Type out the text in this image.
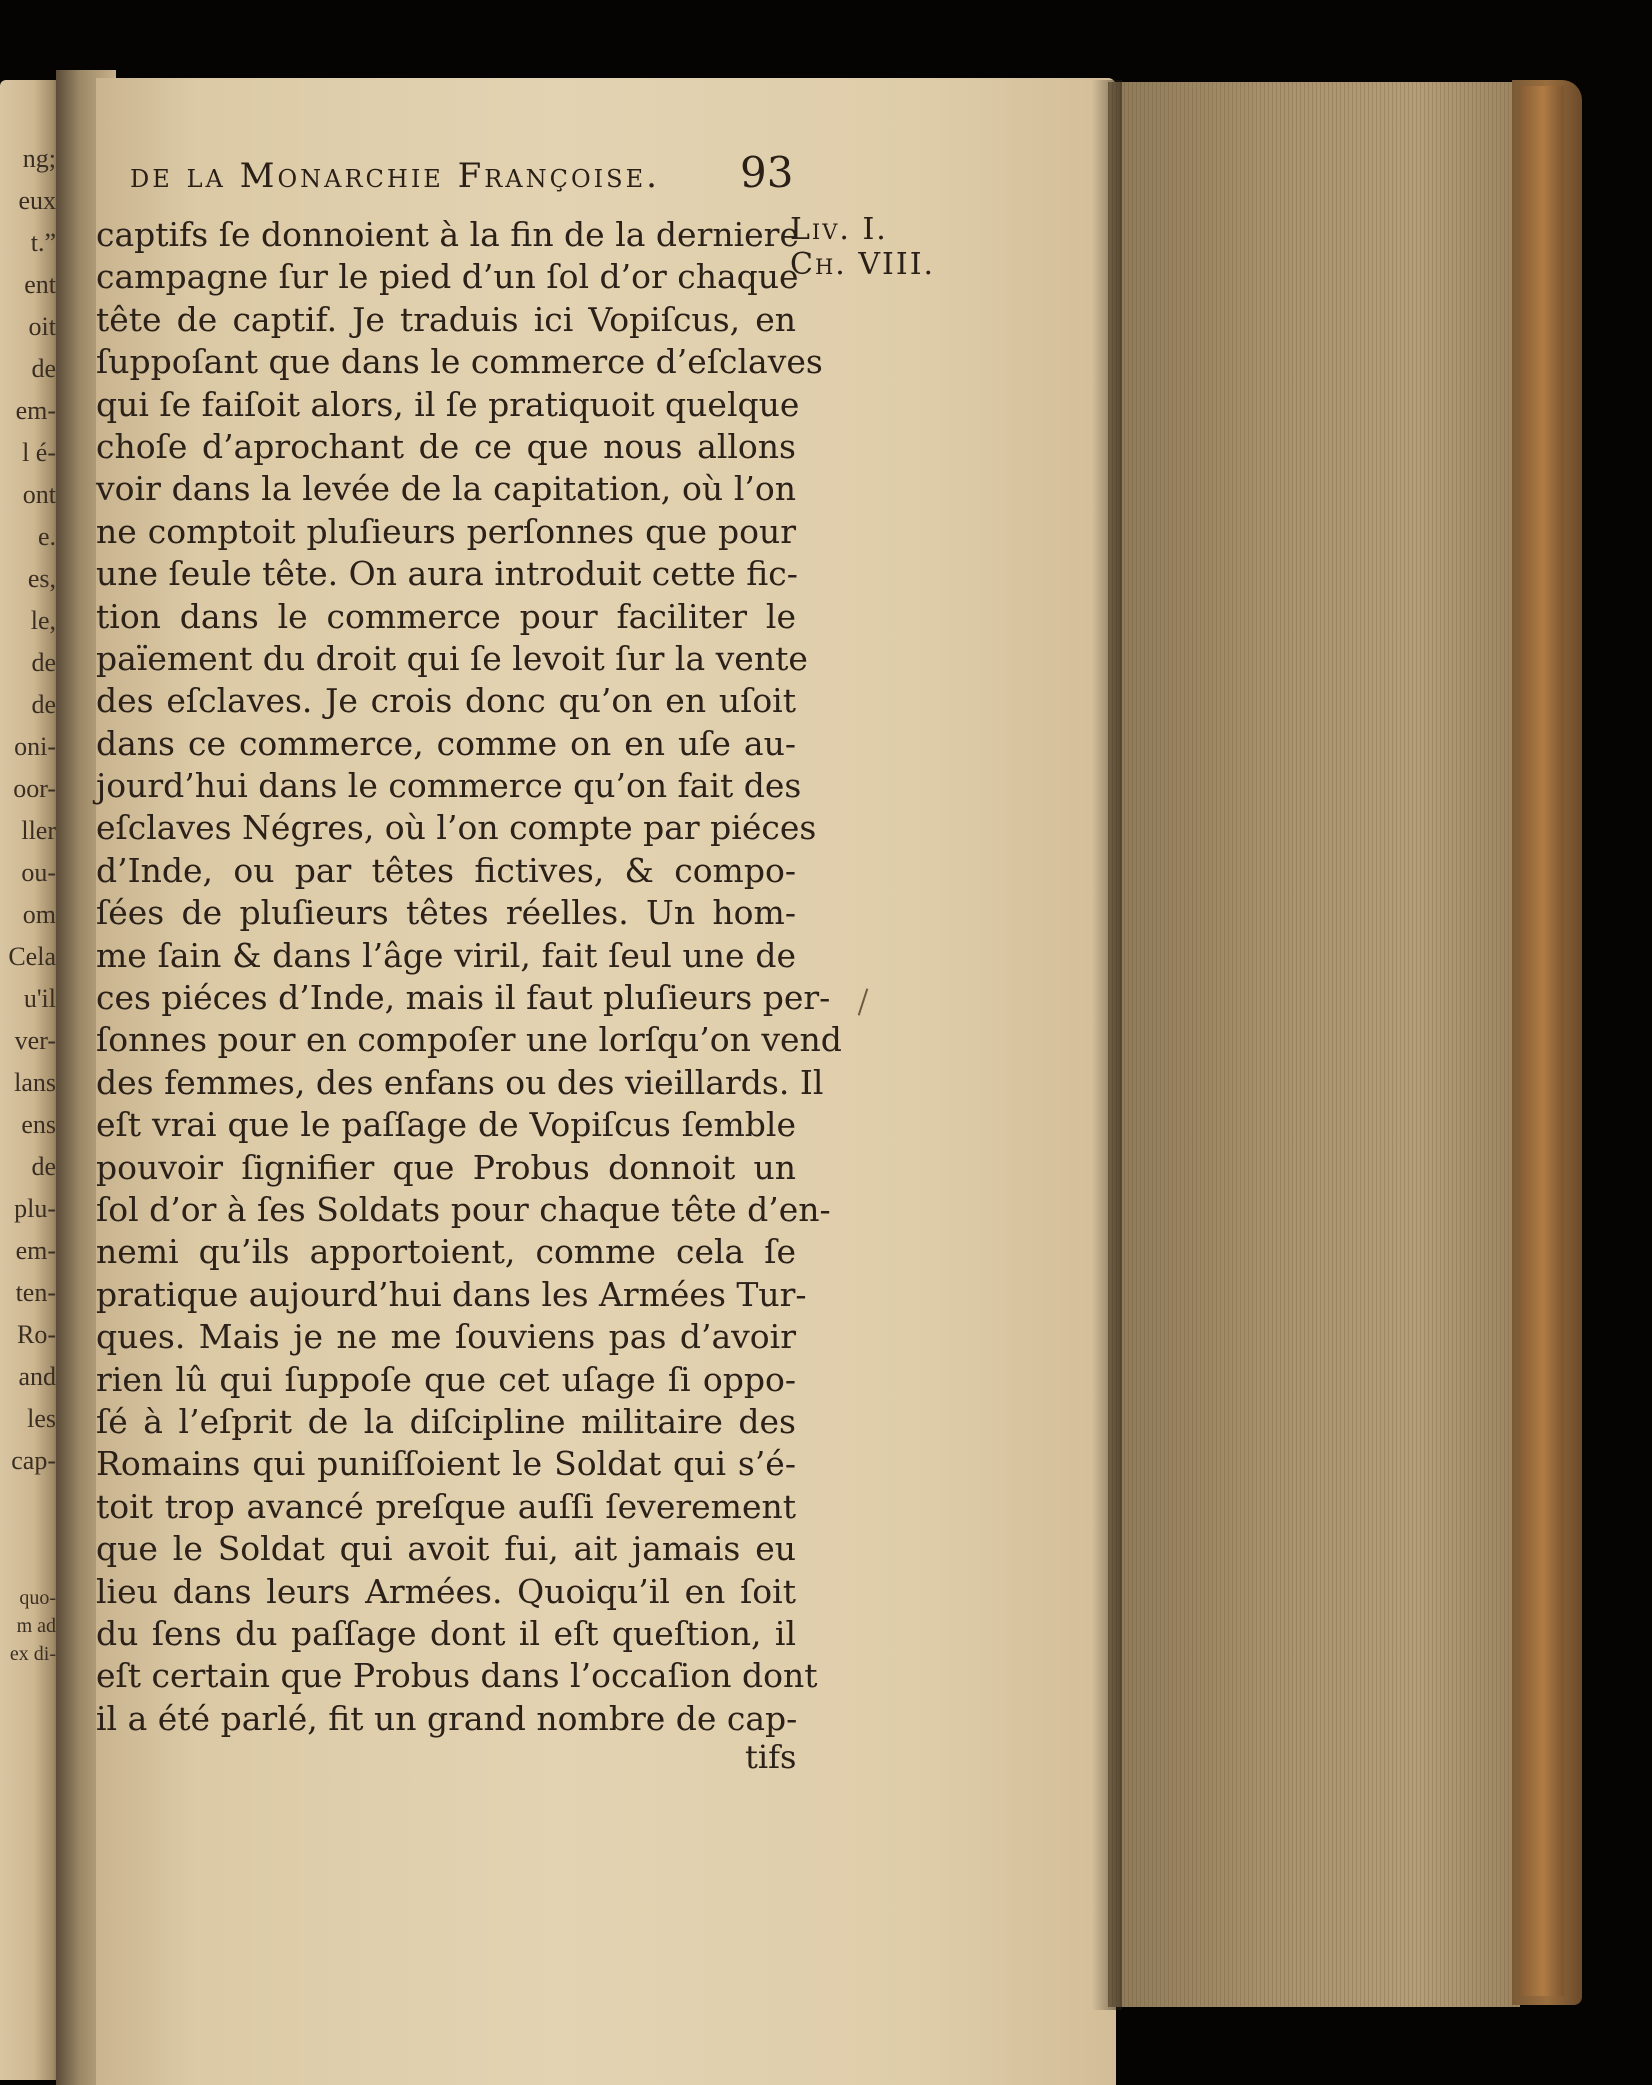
ng;

eux

t.”

ent

oit

de

em-

l é-

ont

e.

es,

le,

de

de

oni-

oor-

ller

ou-

om

Cela

u'il

ver-

lans

ens

de

plu-

em-

ten-

Ro-

and

les

cap-

quo-

m ad

ex di-

de la Monarchie Françoise. 93

Liv. I.
Ch. VIII.
captifs ſe donnoient à la fin de la derniere
campagne ſur le pied d’un ſol d’or chaque
tête de captif. Je traduis ici Vopiſcus, en
ſuppoſant que dans le commerce d’eſclaves
qui ſe faiſoit alors, il ſe pratiquoit quelque
choſe d’aprochant de ce que nous allons
voir dans la levée de la capitation, où l’on
ne comptoit pluſieurs perſonnes que pour
une ſeule tête. On aura introduit cette fic-
tion dans le commerce pour faciliter le
païement du droit qui ſe levoit ſur la vente
des eſclaves. Je crois donc qu’on en uſoit
dans ce commerce, comme on en uſe au-
jourd’hui dans le commerce qu’on fait des
eſclaves Négres, où l’on compte par piéces
d’Inde, ou par têtes fictives, & compo-
ſées de pluſieurs têtes réelles. Un hom-
me ſain & dans l’âge viril, fait ſeul une de
ces piéces d’Inde, mais il faut pluſieurs per-
ſonnes pour en compoſer une lorſqu’on vend
des femmes, des enfans ou des vieillards. Il
eſt vrai que le paſſage de Vopiſcus ſemble
pouvoir ſignifier que Probus donnoit un
ſol d’or à ſes Soldats pour chaque tête d’en-
nemi qu’ils apportoient, comme cela ſe
pratique aujourd’hui dans les Armées Tur-
ques. Mais je ne me ſouviens pas d’avoir
rien lû qui ſuppoſe que cet uſage ſi oppo-
ſé à l’eſprit de la diſcipline militaire des
Romains qui puniſſoient le Soldat qui s’é-
toit trop avancé preſque auſſi ſeverement
que le Soldat qui avoit fui, ait jamais eu
lieu dans leurs Armées. Quoiqu’il en ſoit
du ſens du paſſage dont il eſt queſtion, il
eſt certain que Probus dans l’occaſion dont
il a été parlé, fit un grand nombre de cap-

tifs
